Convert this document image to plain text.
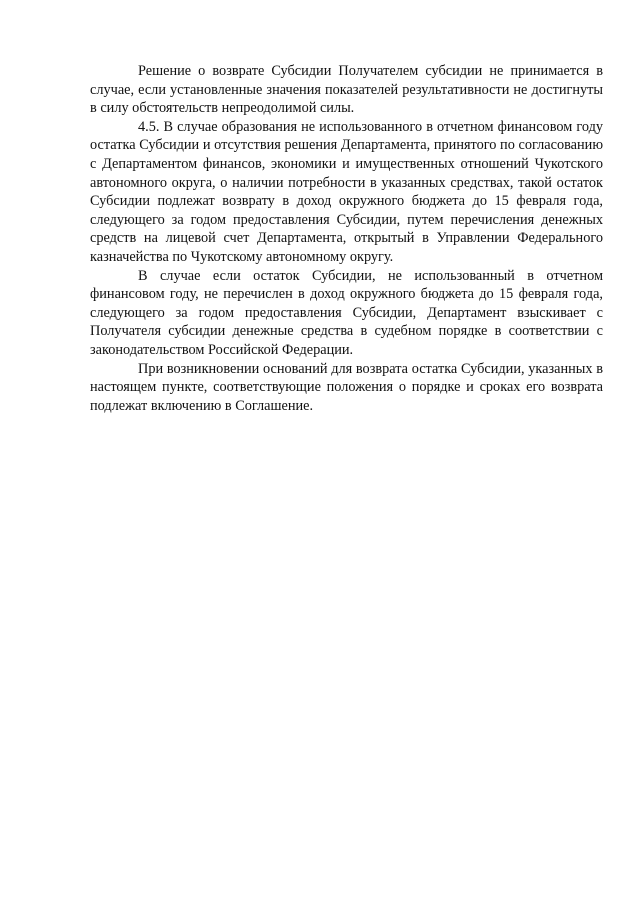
Решение о возврате Субсидии Получателем субсидии не принимается в случае, если установленные значения показателей результативности не достигнуты в силу обстоятельств непреодолимой силы.

4.5. В случае образования не использованного в отчетном финансовом году остатка Субсидии и отсутствия решения Департамента, принятого по согласованию с Департаментом финансов, экономики и имущественных отношений Чукотского автономного округа, о наличии потребности в указанных средствах, такой остаток Субсидии подлежат возврату в доход окружного бюджета до 15 февраля года, следующего за годом предоставления Субсидии, путем перечисления денежных средств на лицевой счет Департамента, открытый в Управлении Федерального казначейства по Чукотскому автономному округу.

В случае если остаток Субсидии, не использованный в отчетном финансовом году, не перечислен в доход окружного бюджета до 15 февраля года, следующего за годом предоставления Субсидии, Департамент взыскивает с Получателя субсидии денежные средства в судебном порядке в соответствии с законодательством Российской Федерации.

При возникновении оснований для возврата остатка Субсидии, указанных в настоящем пункте, соответствующие положения о порядке и сроках его возврата подлежат включению в Соглашение.
